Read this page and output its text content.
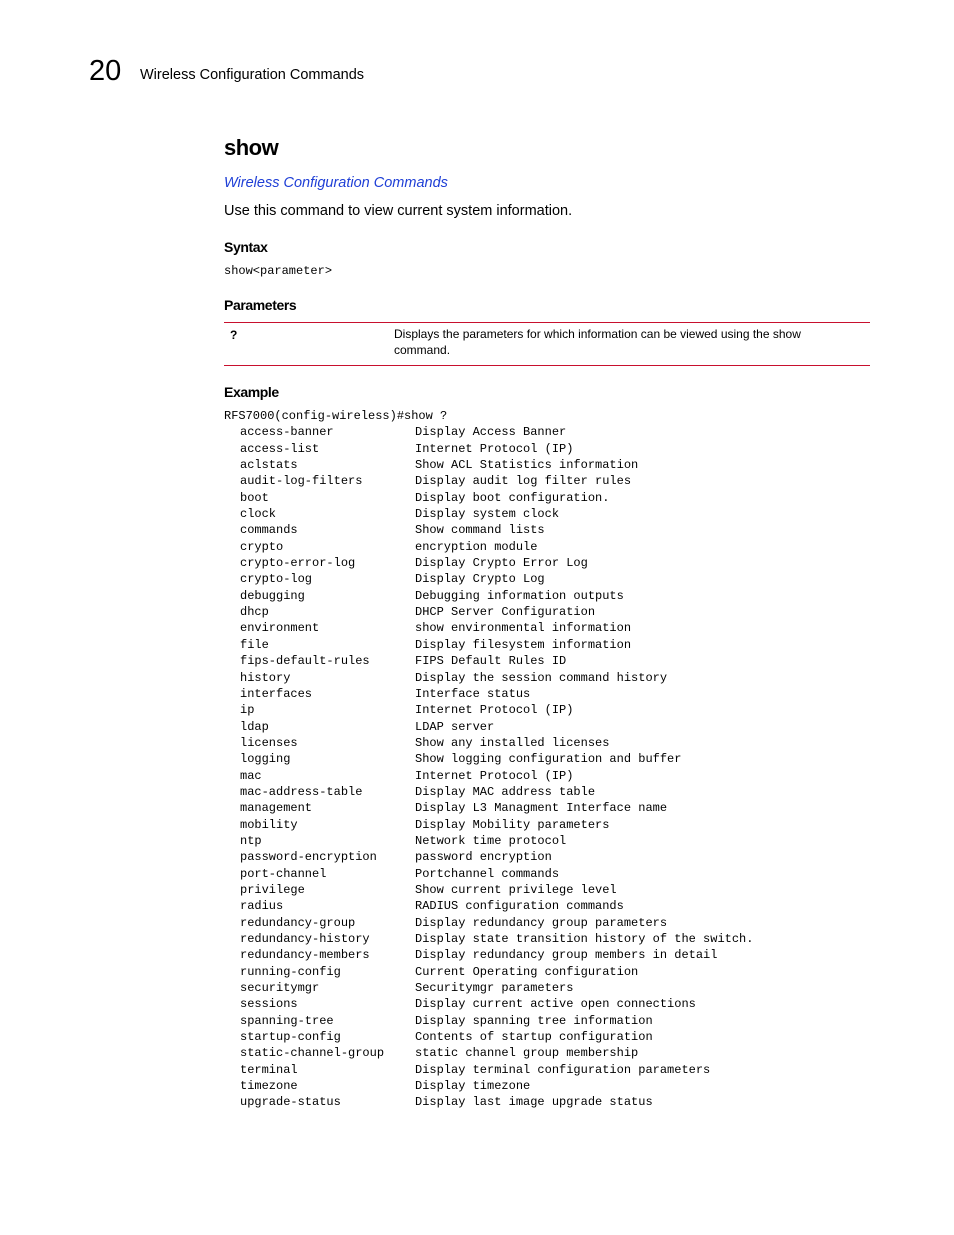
20 Wireless Configuration Commands
show
Wireless Configuration Commands
Use this command to view current system information.
Syntax
show<parameter>
Parameters
?	Displays the parameters for which information can be viewed using the show command.
Example
RFS7000(config-wireless)#show ?
access-banner	Display Access Banner
access-list	Internet Protocol (IP)
aclstats	Show ACL Statistics information
audit-log-filters	Display audit log filter rules
boot	Display boot configuration.
clock	Display system clock
commands	Show command lists
crypto	encryption module
crypto-error-log	Display Crypto Error Log
crypto-log	Display Crypto Log
debugging	Debugging information outputs
dhcp	DHCP Server Configuration
environment	show environmental information
file	Display filesystem information
fips-default-rules	FIPS Default Rules ID
history	Display the session command history
interfaces	Interface status
ip	Internet Protocol (IP)
ldap	LDAP server
licenses	Show any installed licenses
logging	Show logging configuration and buffer
mac	Internet Protocol (IP)
mac-address-table	Display MAC address table
management	Display L3 Managment Interface name
mobility	Display Mobility parameters
ntp	Network time protocol
password-encryption	password encryption
port-channel	Portchannel commands
privilege	Show current privilege level
radius	RADIUS configuration commands
redundancy-group	Display redundancy group parameters
redundancy-history	Display state transition history of the switch.
redundancy-members	Display redundancy group members in detail
running-config	Current Operating configuration
securitymgr	Securitymgr parameters
sessions	Display current active open connections
spanning-tree	Display spanning tree information
startup-config	Contents of startup configuration
static-channel-group	static channel group membership
terminal	Display terminal configuration parameters
timezone	Display timezone
upgrade-status	Display last image upgrade status
